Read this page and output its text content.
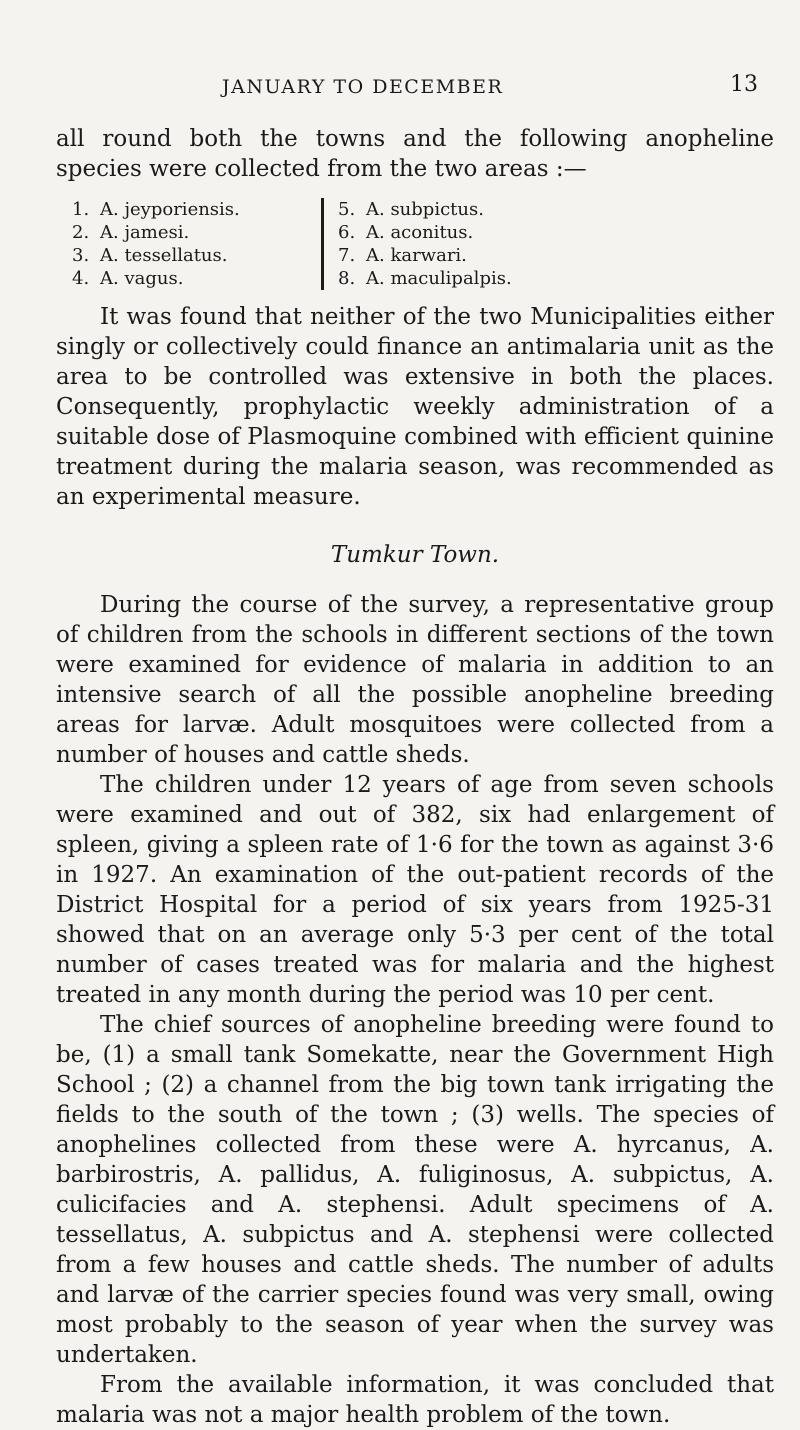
JANUARY TO DECEMBER	13

all round both the towns and the following anopheline species were collected from the two areas :—

1. A. jeyporiensis.
2. A. jamesi.
3. A. tessellatus.
4. A. vagus.
5. A. subpictus.
6. A. aconitus.
7. A. karwari.
8. A. maculipalpis.

It was found that neither of the two Municipalities either singly or collectively could finance an antimalaria unit as the area to be controlled was extensive in both the places. Consequently, prophylactic weekly administration of a suitable dose of Plasmoquine combined with efficient quinine treatment during the malaria season, was recommended as an experimental measure.

Tumkur Town.

During the course of the survey, a representative group of children from the schools in different sections of the town were examined for evidence of malaria in addition to an intensive search of all the possible anopheline breeding areas for larvæ. Adult mosquitoes were collected from a number of houses and cattle sheds.

The children under 12 years of age from seven schools were examined and out of 382, six had enlargement of spleen, giving a spleen rate of 1·6 for the town as against 3·6 in 1927. An examination of the out-patient records of the District Hospital for a period of six years from 1925-31 showed that on an average only 5·3 per cent of the total number of cases treated was for malaria and the highest treated in any month during the period was 10 per cent.

The chief sources of anopheline breeding were found to be, (1) a small tank Somekatte, near the Government High School ; (2) a channel from the big town tank irrigating the fields to the south of the town ; (3) wells. The species of anophelines collected from these were A. hyrcanus, A. barbirostris, A. pallidus, A. fuliginosus, A. subpictus, A. culicifacies and A. stephensi. Adult specimens of A. tessellatus, A. subpictus and A. stephensi were collected from a few houses and cattle sheds. The number of adults and larvæ of the carrier species found was very small, owing most probably to the season of year when the survey was undertaken.

From the available information, it was concluded that malaria was not a major health problem of the town.
